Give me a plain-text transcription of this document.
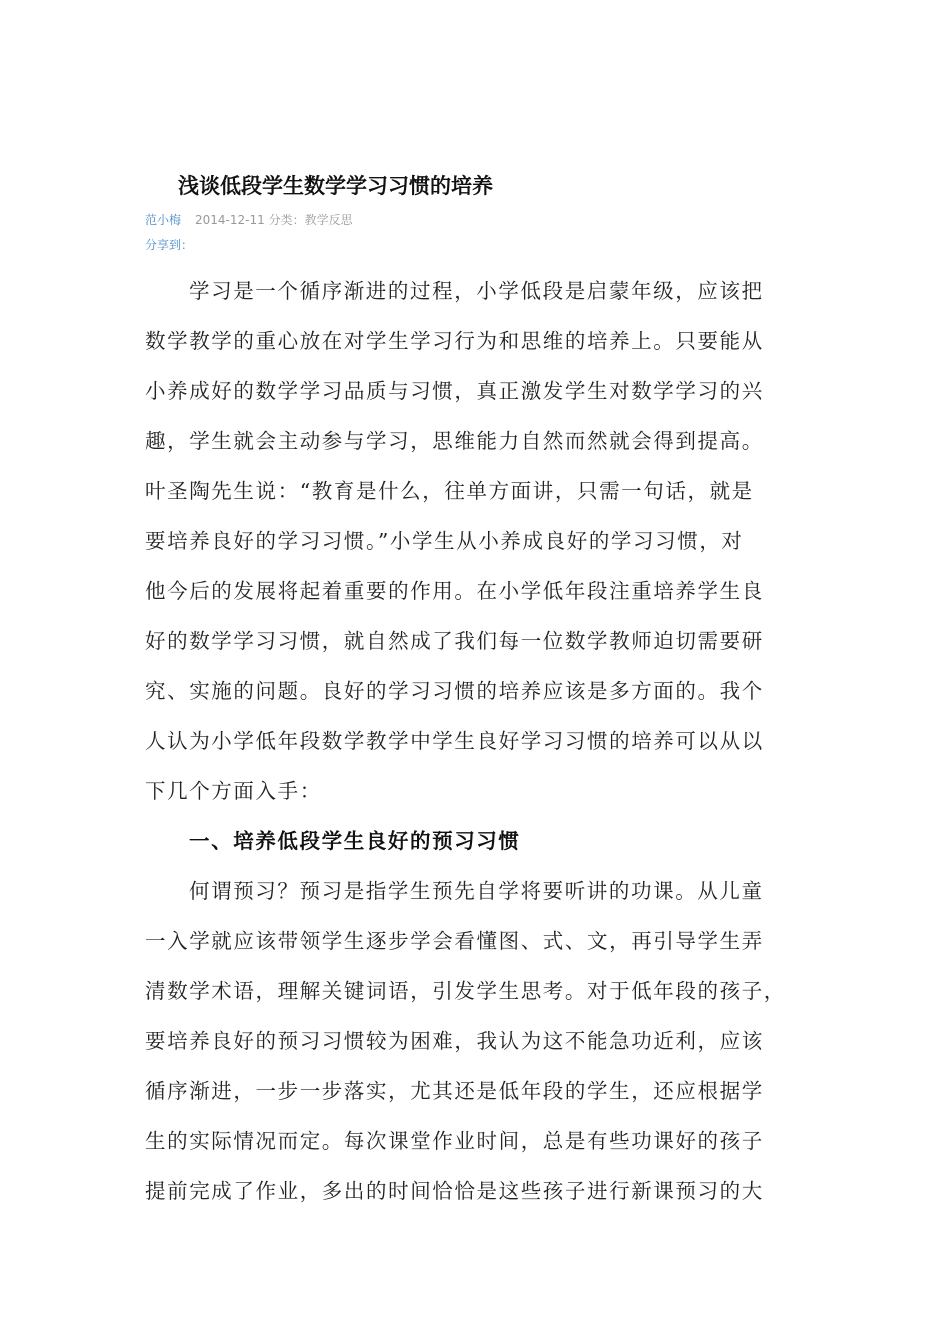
浅谈低段学生数学学习习惯的培养
范小梅 2014-12-11 分类：教学反思
分享到：
学习是一个循序渐进的过程，小学低段是启蒙年级，应该把
数学教学的重心放在对学生学习行为和思维的培养上。只要能从
小养成好的数学学习品质与习惯，真正激发学生对数学学习的兴
趣，学生就会主动参与学习，思维能力自然而然就会得到提高。
叶圣陶先生说：“教育是什么，往单方面讲，只需一句话，就是
要培养良好的学习习惯。”小学生从小养成良好的学习习惯，对
他今后的发展将起着重要的作用。在小学低年段注重培养学生良
好的数学学习习惯，就自然成了我们每一位数学教师迫切需要研
究、实施的问题。良好的学习习惯的培养应该是多方面的。我个
人认为小学低年段数学教学中学生良好学习习惯的培养可以从以
下几个方面入手：
一、培养低段学生良好的预习习惯
何谓预习？预习是指学生预先自学将要听讲的功课。从儿童
一入学就应该带领学生逐步学会看懂图、式、文，再引导学生弄
清数学术语，理解关键词语，引发学生思考。对于低年段的孩子，
要培养良好的预习习惯较为困难，我认为这不能急功近利，应该
循序渐进，一步一步落实，尤其还是低年段的学生，还应根据学
生的实际情况而定。每次课堂作业时间，总是有些功课好的孩子
提前完成了作业，多出的时间恰恰是这些孩子进行新课预习的大
